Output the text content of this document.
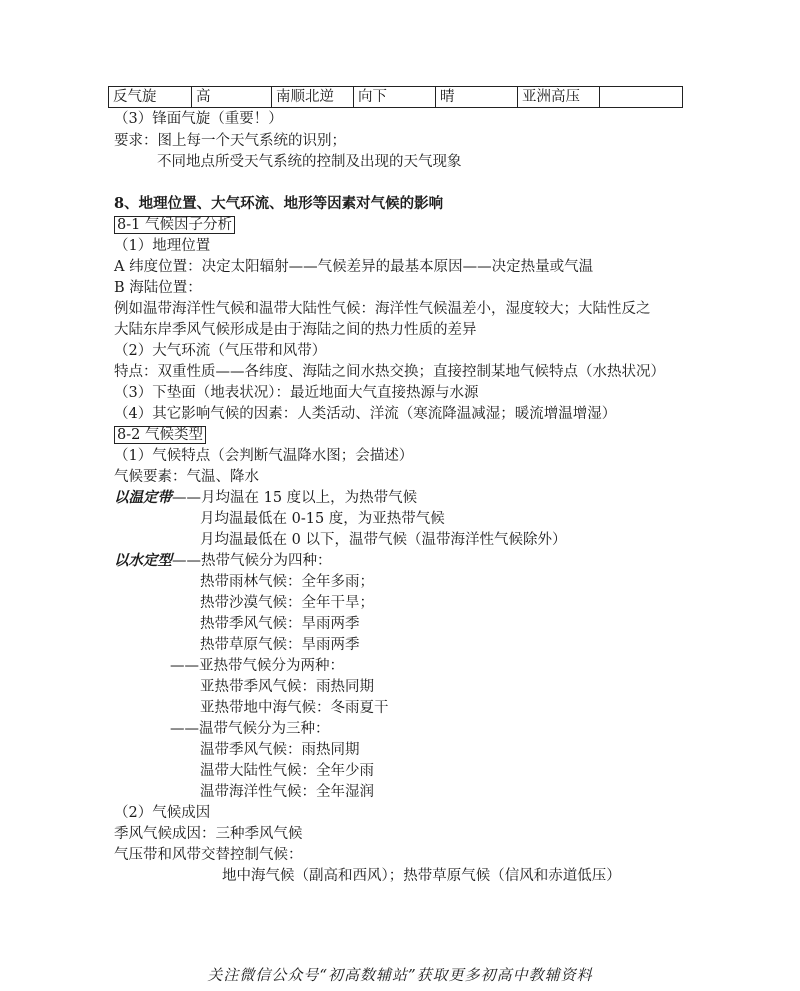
反气旋	高	南顺北逆	向下	晴	亚洲高压	
（3）锋面气旋（重要！）
要求：图上每一个天气系统的识别；
不同地点所受天气系统的控制及出现的天气现象
8、地理位置、大气环流、地形等因素对气候的影响
8-1 气候因子分析
（1）地理位置
A 纬度位置：决定太阳辐射——气候差异的最基本原因——决定热量或气温
B 海陆位置：
例如温带海洋性气候和温带大陆性气候：海洋性气候温差小，湿度较大；大陆性反之
大陆东岸季风气候形成是由于海陆之间的热力性质的差异
（2）大气环流（气压带和风带）
特点：双重性质——各纬度、海陆之间水热交换；直接控制某地气候特点（水热状况）
（3）下垫面（地表状况）：最近地面大气直接热源与水源
（4）其它影响气候的因素：人类活动、洋流（寒流降温减湿；暖流增温增湿）
8-2 气候类型
（1）气候特点（会判断气温降水图；会描述）
气候要素：气温、降水
以温定带——月均温在 15 度以上，为热带气候
月均温最低在 0-15 度，为亚热带气候
月均温最低在 0 以下，温带气候（温带海洋性气候除外）
以水定型——热带气候分为四种：
热带雨林气候：全年多雨；
热带沙漠气候：全年干旱；
热带季风气候：旱雨两季
热带草原气候：旱雨两季
——亚热带气候分为两种：
亚热带季风气候：雨热同期
亚热带地中海气候：冬雨夏干
——温带气候分为三种：
温带季风气候：雨热同期
温带大陆性气候：全年少雨
温带海洋性气候：全年湿润
（2）气候成因
季风气候成因：三种季风气候
气压带和风带交替控制气候：
地中海气候（副高和西风）；热带草原气候（信风和赤道低压）
关注微信公众号“初高数辅站”获取更多初高中教辅资料
